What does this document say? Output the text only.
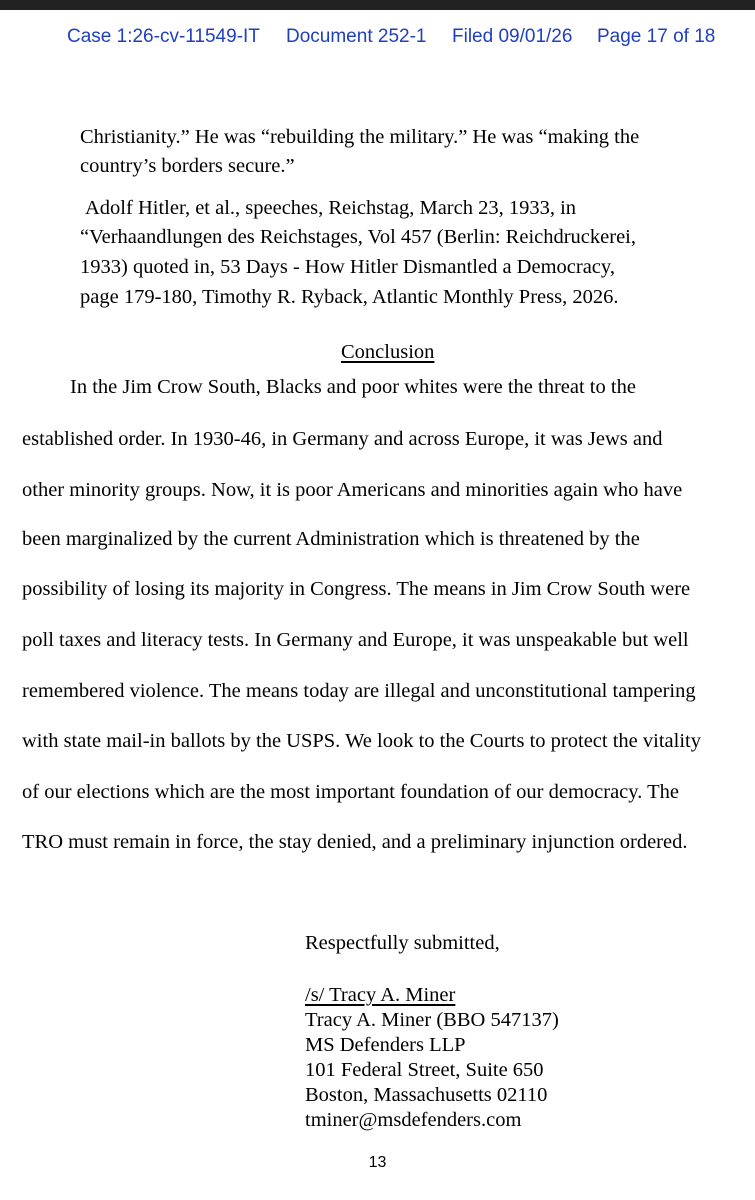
Case 1:26-cv-11549-IT Document 252-1 Filed 09/01/26 Page 17 of 18
Christianity.” He was “rebuilding the military.” He was “making the
country’s borders secure.”
Adolf Hitler, et al., speeches, Reichstag, March 23, 1933, in
“Verhaandlungen des Reichstages, Vol 457 (Berlin: Reichdruckerei,
1933) quoted in, 53 Days - How Hitler Dismantled a Democracy,
page 179-180, Timothy R. Ryback, Atlantic Monthly Press, 2026.
Conclusion
In the Jim Crow South, Blacks and poor whites were the threat to the
established order. In 1930-46, in Germany and across Europe, it was Jews and
other minority groups. Now, it is poor Americans and minorities again who have
been marginalized by the current Administration which is threatened by the
possibility of losing its majority in Congress. The means in Jim Crow South were
poll taxes and literacy tests. In Germany and Europe, it was unspeakable but well
remembered violence. The means today are illegal and unconstitutional tampering
with state mail-in ballots by the USPS. We look to the Courts to protect the vitality
of our elections which are the most important foundation of our democracy. The
TRO must remain in force, the stay denied, and a preliminary injunction ordered.
Respectfully submitted,
/s/ Tracy A. Miner
Tracy A. Miner (BBO 547137)
MS Defenders LLP
101 Federal Street, Suite 650
Boston, Massachusetts 02110
tminer@msdefenders.com
13
